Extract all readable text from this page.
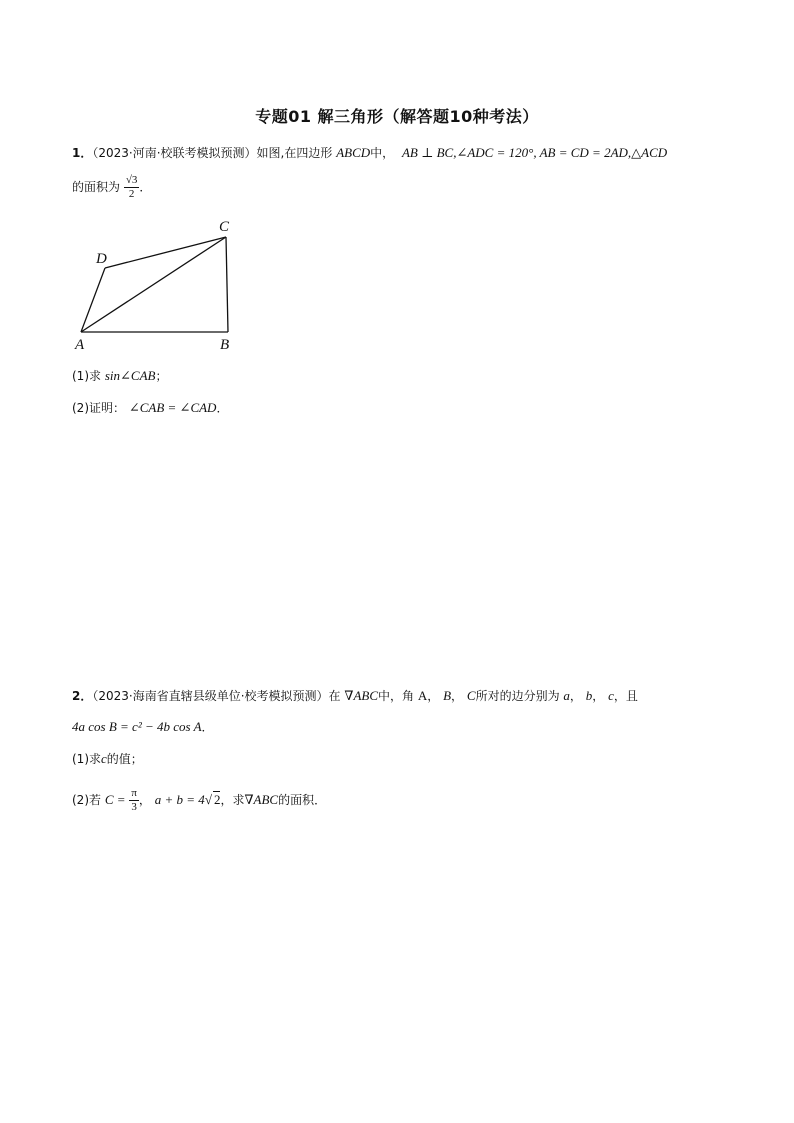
专题01 解三角形（解答题10种考法）
1．（2023·河南·校联考模拟预测）如图,在四边形 ABCD中， AB ⊥ BC,∠ADC = 120°, AB = CD = 2AD,△ACD
的面积为 $\frac{√3}{2}$ ．
A	B
C
D
(1)求 sin∠CAB；
(2)证明： ∠CAB = ∠CAD．
2．（2023·海南省直辖县级单位·校考模拟预测）在 ∇ABC中，角 A， B， C所对的边分别为 a， b， c，且
4a cos B = c² − 4b cos A．
(1)求c的值；
(2)若 $C = \frac{\pi}{3}$ ， a + b = 4√ 2，求∇ABC的面积．
